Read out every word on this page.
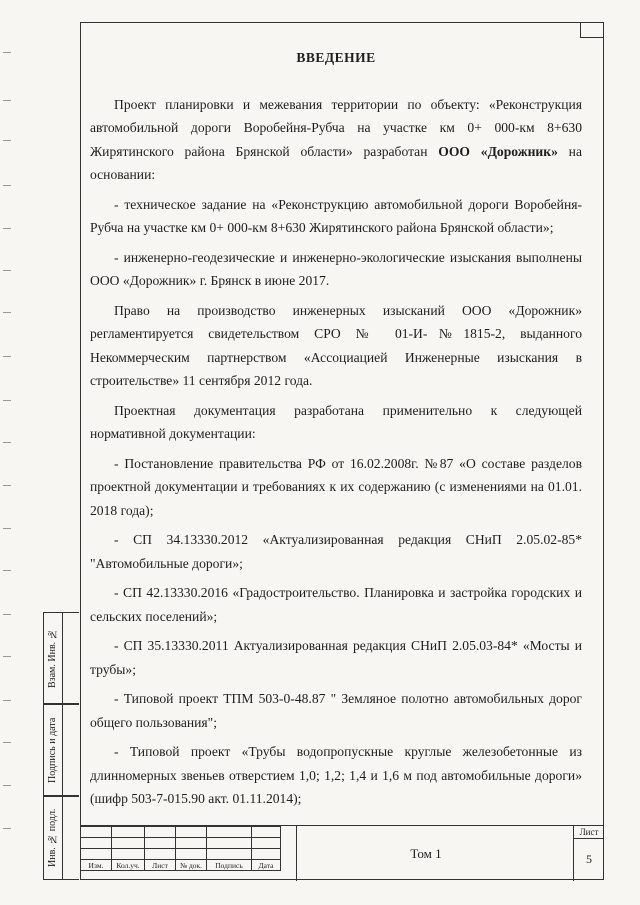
Взам. Инв. №
Подпись и дата
Инв. № подл.
ВВЕДЕНИЕ

Проект планировки и межевания территории по объекту: «Реконструкция автомобильной дороги Воробейня-Рубча на участке км 0+ 000-км 8+630 Жирятинского района Брянской области» разработан ООО «Дорожник» на основании:

- техническое задание на «Реконструкцию автомобильной дороги Воробейня-Рубча на участке км 0+ 000-км 8+630 Жирятинского района Брянской области»;

- инженерно-геодезические и инженерно-экологические изыскания выполнены ООО «Дорожник» г. Брянск в июне 2017.

Право на производство инженерных изысканий ООО «Дорожник» регламентируется свидетельством СРО № 01-И-№1815-2, выданного Некоммерческим партнерством «Ассоциацией Инженерные изыскания в строительстве» 11 сентября 2012 года.

Проектная документация разработана применительно к следующей нормативной документации:

- Постановление правительства РФ от 16.02.2008г. №87 «О составе разделов проектной документации и требованиях к их содержанию (с изменениями на 01.01. 2018 года);

- СП 34.13330.2012 «Актуализированная редакция СНиП 2.05.02-85* "Автомобильные дороги»;

- СП 42.13330.2016 «Градостроительство. Планировка и застройка городских и сельских поселений»;

- СП 35.13330.2011 Актуализированная редакция СНиП 2.05.03-84* «Мосты и трубы»;

- Типовой проект ТПМ 503-0-48.87 " Земляное полотно автомобильных дорог общего пользования";

- Типовой проект «Трубы водопропускные круглые железобетонные из длинномерных звеньев отверстием 1,0; 1,2; 1,4 и 1,6 м под автомобильные дороги» (шифр 503-7-015.90 акт. 01.11.2014);

Изм.	Кол.уч.	Лист	№ док.	Подпись	Дата
Том 1
Лист
5
